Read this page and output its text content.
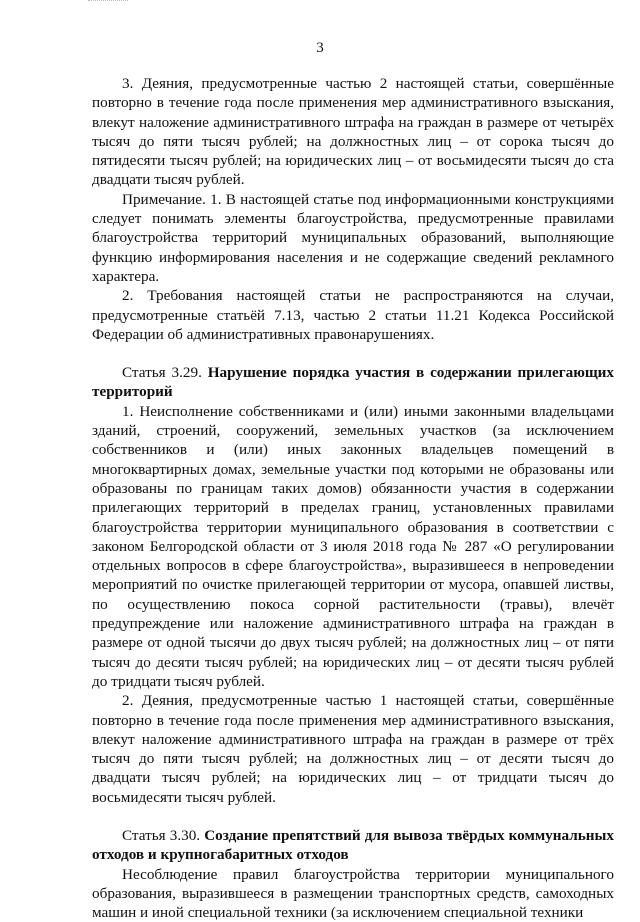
3

3. Деяния, предусмотренные частью 2 настоящей статьи, совершённые повторно в течение года после применения мер административного взыскания, влекут наложение административного штрафа на граждан в размере от четырёх тысяч до пяти тысяч рублей; на должностных лиц – от сорока тысяч до пятидесяти тысяч рублей; на юридических лиц – от восьмидесяти тысяч до ста двадцати тысяч рублей.

Примечание. 1. В настоящей статье под информационными конструкциями следует понимать элементы благоустройства, предусмотренные правилами благоустройства территорий муниципальных образований, выполняющие функцию информирования населения и не содержащие сведений рекламного характера.

2. Требования настоящей статьи не распространяются на случаи, предусмотренные статьёй 7.13, частью 2 статьи 11.21 Кодекса Российской Федерации об административных правонарушениях.

Статья 3.29. Нарушение порядка участия в содержании прилегающих территорий

1. Неисполнение собственниками и (или) иными законными владельцами зданий, строений, сооружений, земельных участков (за исключением собственников и (или) иных законных владельцев помещений в многоквартирных домах, земельные участки под которыми не образованы или образованы по границам таких домов) обязанности участия в содержании прилегающих территорий в пределах границ, установленных правилами благоустройства территории муниципального образования в соответствии с законом Белгородской области от 3 июля 2018 года № 287 «О регулировании отдельных вопросов в сфере благоустройства», выразившееся в непроведении мероприятий по очистке прилегающей территории от мусора, опавшей листвы, по осуществлению покоса сорной растительности (травы), влечёт предупреждение или наложение административного штрафа на граждан в размере от одной тысячи до двух тысяч рублей; на должностных лиц – от пяти тысяч до десяти тысяч рублей; на юридических лиц – от десяти тысяч рублей до тридцати тысяч рублей.

2. Деяния, предусмотренные частью 1 настоящей статьи, совершённые повторно в течение года после применения мер административного взыскания, влекут наложение административного штрафа на граждан в размере от трёх тысяч до пяти тысяч рублей; на должностных лиц – от десяти тысяч до двадцати тысяч рублей; на юридических лиц – от тридцати тысяч до восьмидесяти тысяч рублей.

Статья 3.30. Создание препятствий для вывоза твёрдых коммунальных отходов и крупногабаритных отходов

Несоблюдение правил благоустройства территории муниципального образования, выразившееся в размещении транспортных средств, самоходных машин и иной специальной техники (за исключением специальной техники
